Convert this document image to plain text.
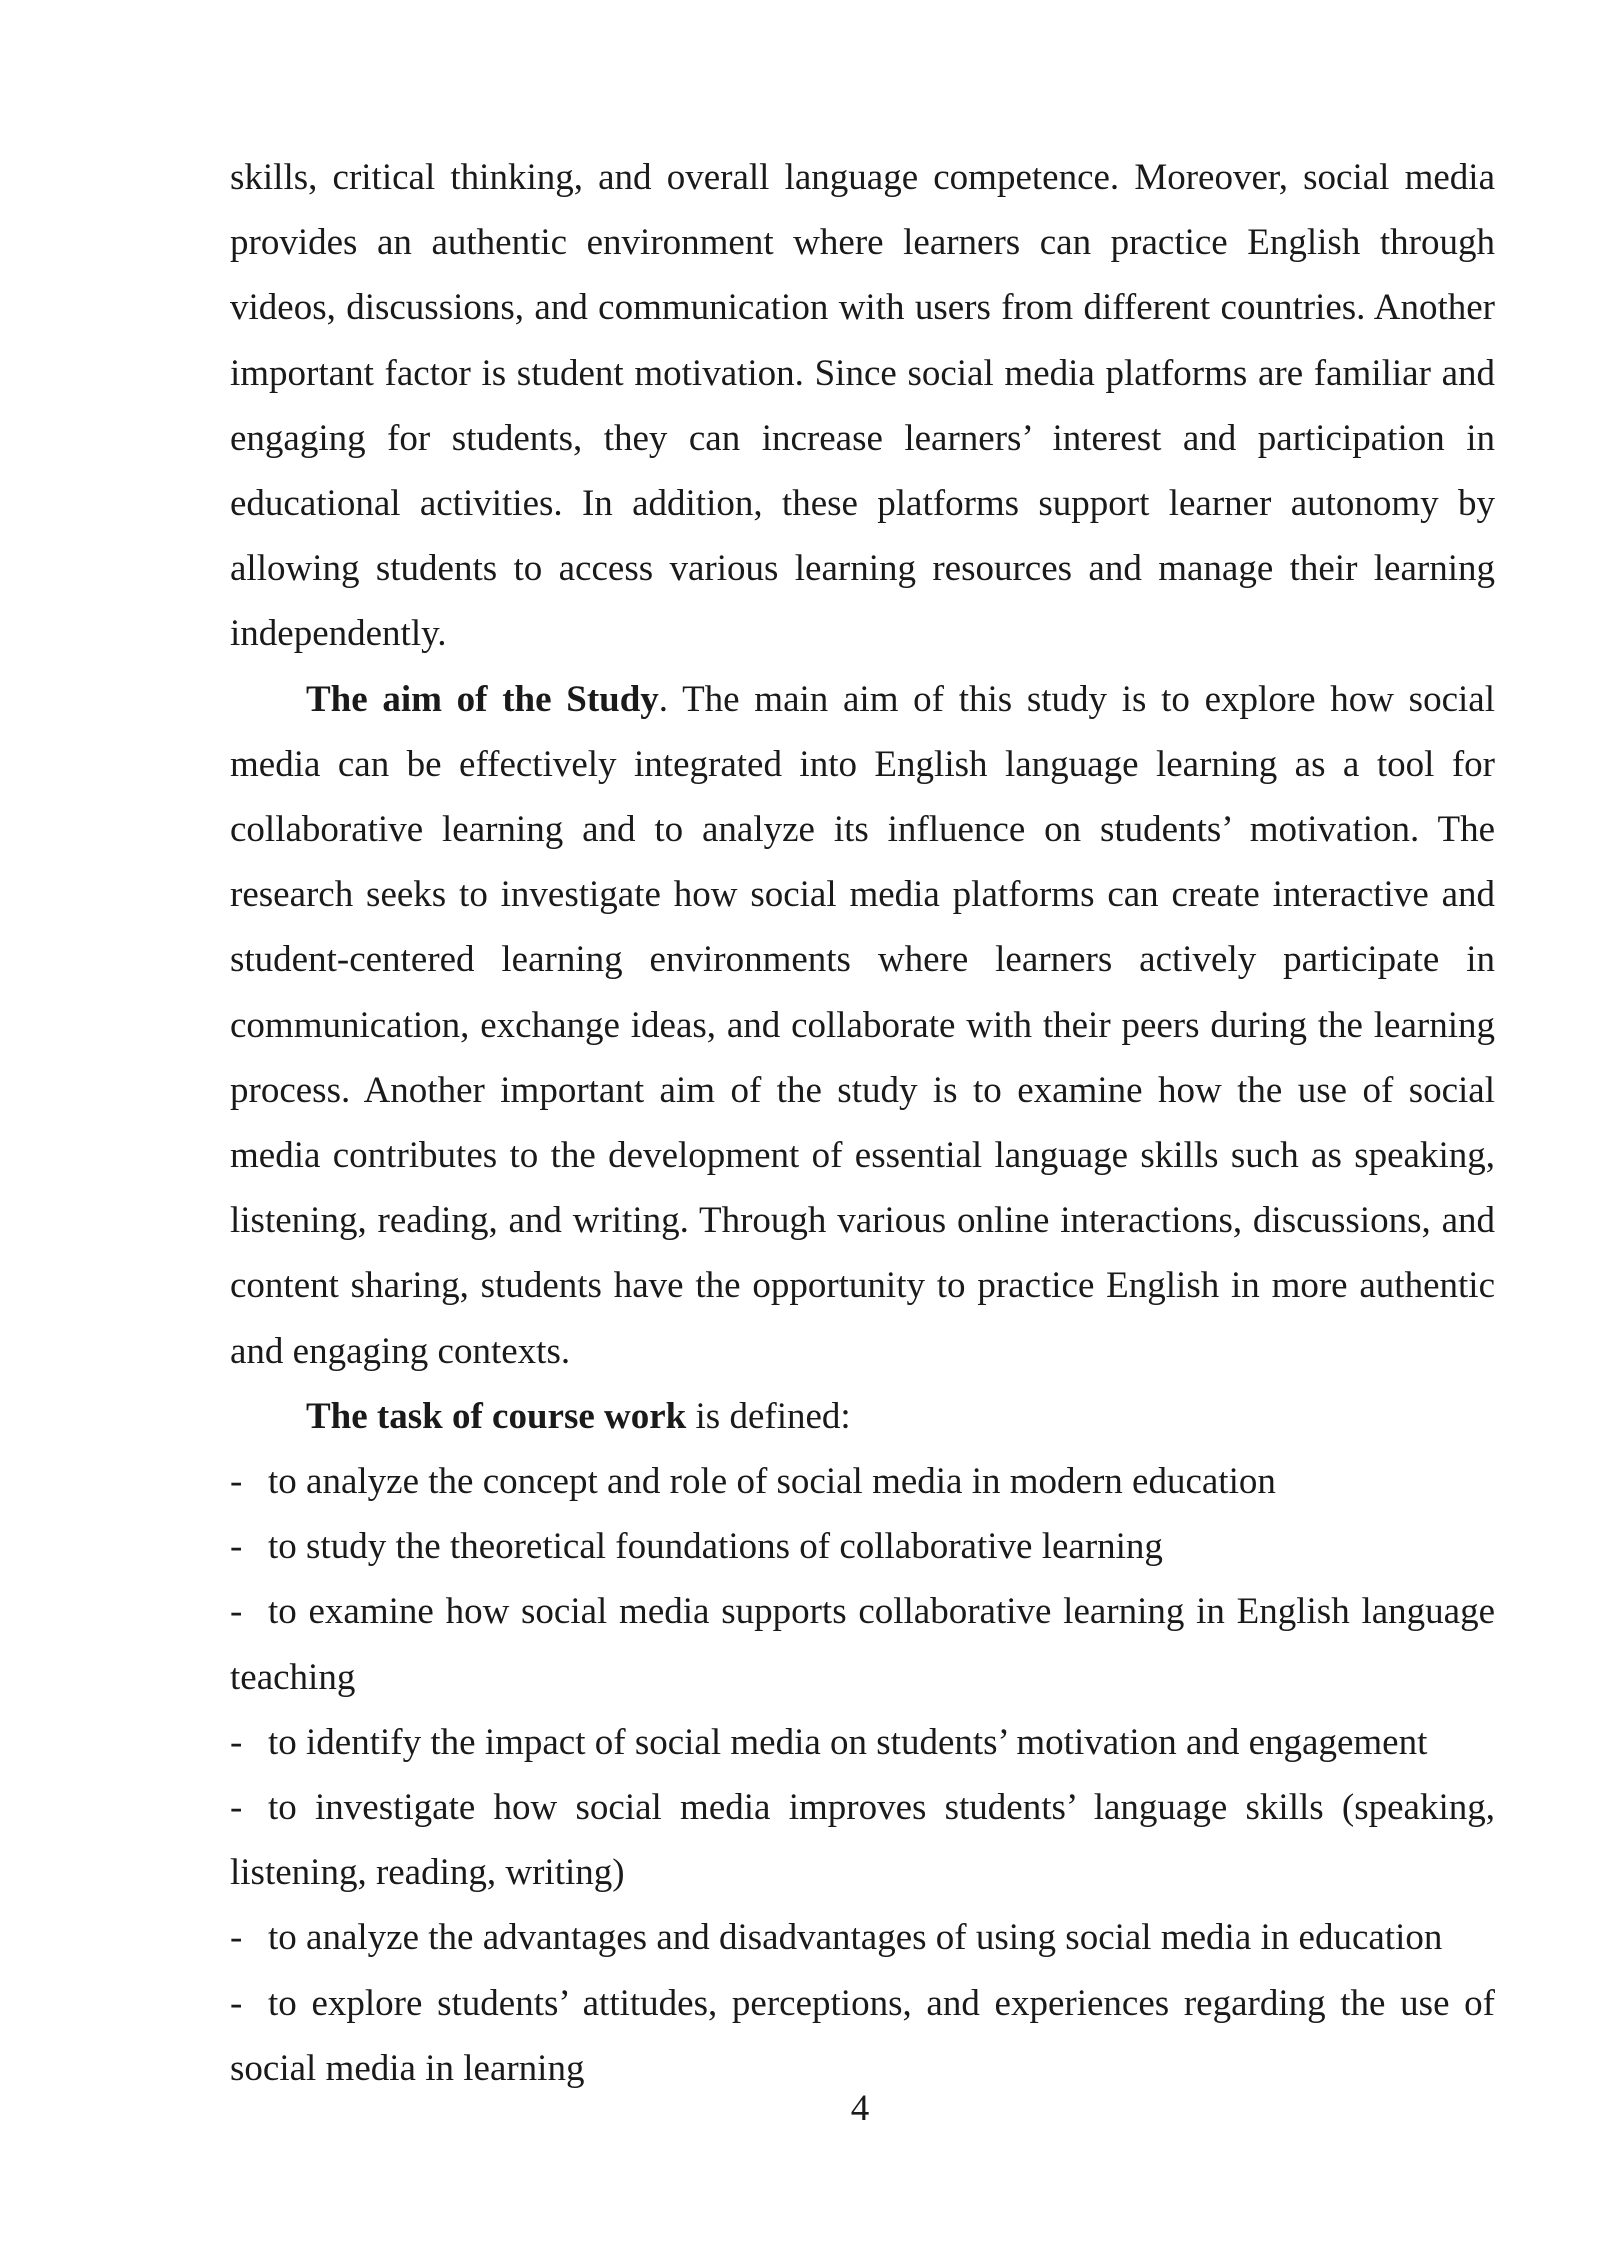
skills, critical thinking, and overall language competence. Moreover, social media provides an authentic environment where learners can practice English through videos, discussions, and communication with users from different countries. Another important factor is student motivation. Since social media platforms are familiar and engaging for students, they can increase learners’ interest and participation in educational activities. In addition, these platforms support learner autonomy by allowing students to access various learning resources and manage their learning independently.

The aim of the Study. The main aim of this study is to explore how social media can be effectively integrated into English language learning as a tool for collaborative learning and to analyze its influence on students’ motivation. The research seeks to investigate how social media platforms can create interactive and student-centered learning environments where learners actively participate in communication, exchange ideas, and collaborate with their peers during the learning process. Another important aim of the study is to examine how the use of social media contributes to the development of essential language skills such as speaking, listening, reading, and writing. Through various online interactions, discussions, and content sharing, students have the opportunity to practice English in more authentic and engaging contexts.

The task of course work is defined:

- to analyze the concept and role of social media in modern education

- to study the theoretical foundations of collaborative learning

- to examine how social media supports collaborative learning in English language teaching

- to identify the impact of social media on students’ motivation and engagement

- to investigate how social media improves students’ language skills (speaking, listening, reading, writing)

- to analyze the advantages and disadvantages of using social media in education

- to explore students’ attitudes, perceptions, and experiences regarding the use of social media in learning

4
